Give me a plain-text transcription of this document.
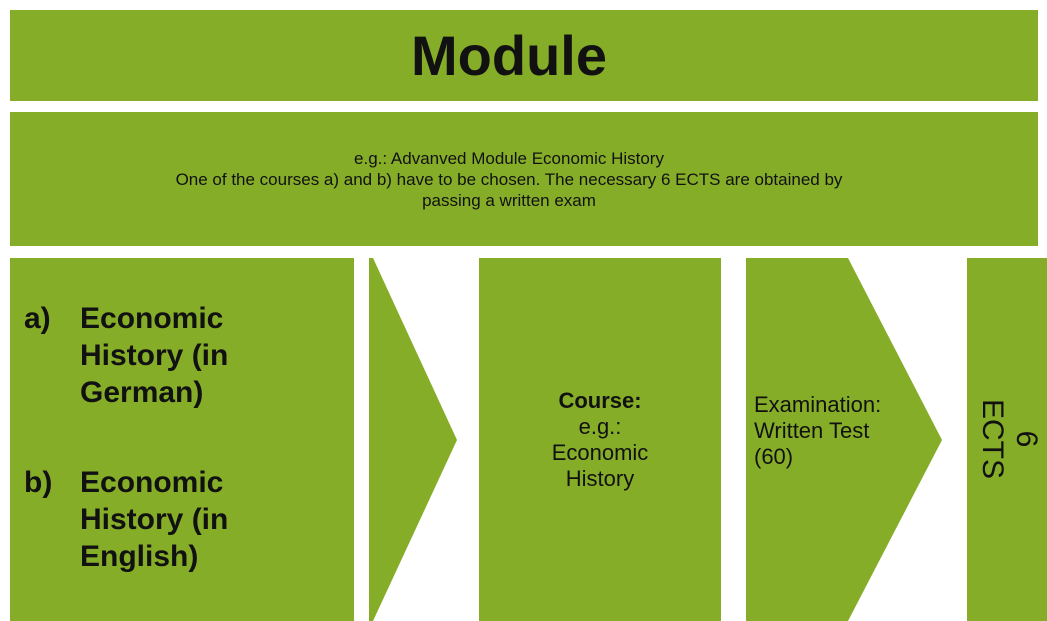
Module
e.g.: Advanved Module Economic History
One of the courses a) and b) have to be chosen. The necessary 6 ECTS are obtained by
passing a written exam
a) Economic History (in German)
b) Economic History (in English)
Course:
e.g.:
Economic
History
Examination:
Written Test
(60)
6
ECTS
